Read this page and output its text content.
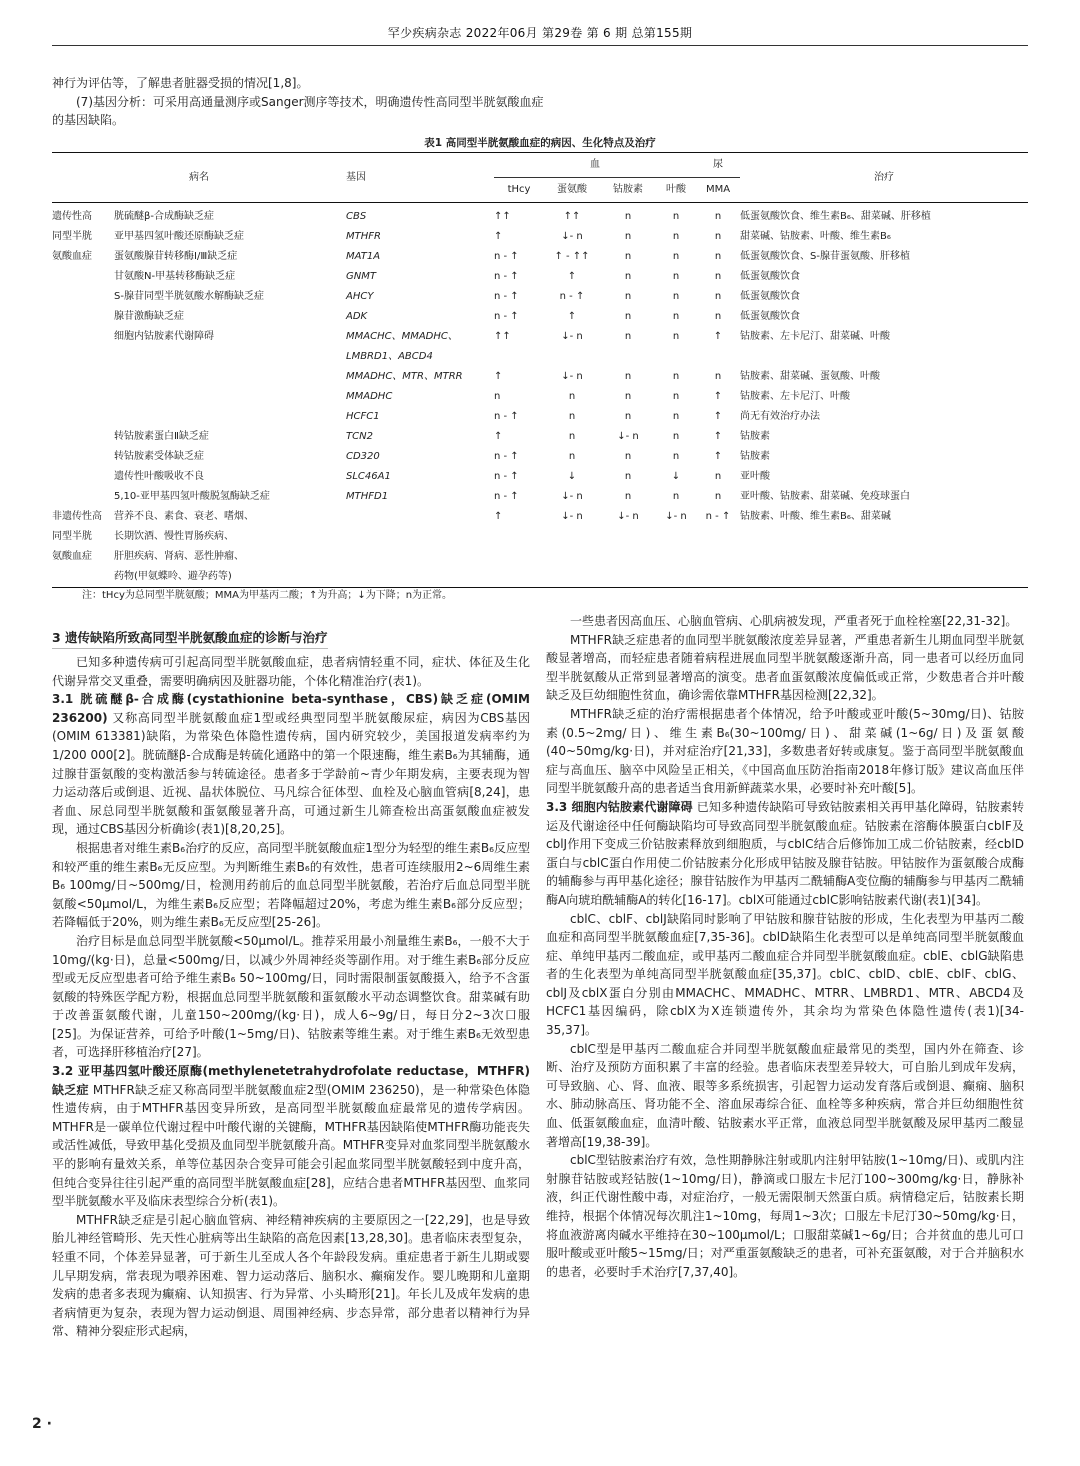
罕少疾病杂志 2022年06月 第29卷 第 6 期 总第155期

神行为评估等，了解患者脏器受损的情况[1,8]。

(7)基因分析：可采用高通量测序或Sanger测序等技术，明确遗传性高同型半胱氨酸血症的基因缺陷。

表1 高同型半胱氨酸血症的病因、生化特点及治疗
病名		基因	血				尿	治疗
			tHcy	蛋氨酸	钴胺素	叶酸	MMA	
遗传性高	胱硫醚β-合成酶缺乏症	CBS	↑↑	↑↑	n	n	n	低蛋氨酸饮食、维生素B₆、甜菜碱、肝移植
同型半胱	亚甲基四氢叶酸还原酶缺乏症	MTHFR	↑	↓- n	n	n	n	甜菜碱、钴胺素、叶酸、维生素B₆
氨酸血症	蛋氨酸腺苷转移酶Ⅰ/Ⅲ缺乏症	MAT1A	n - ↑	↑ - ↑↑	n	n	n	低蛋氨酸饮食、S-腺苷蛋氨酸、肝移植
	甘氨酸N-甲基转移酶缺乏症	GNMT	n - ↑	↑	n	n	n	低蛋氨酸饮食
	S-腺苷同型半胱氨酸水解酶缺乏症	AHCY	n - ↑	n - ↑	n	n	n	低蛋氨酸饮食
	腺苷激酶缺乏症	ADK	n - ↑	↑	n	n	n	低蛋氨酸饮食
	细胞内钴胺素代谢障碍	MMACHC、MMADHC、	↑↑	↓- n	n	n	↑	钴胺素、左卡尼汀、甜菜碱、叶酸
		LMBRD1、ABCD4						
		MMADHC、MTR、MTRR	↑	↓- n	n	n	n	钴胺素、甜菜碱、蛋氨酸、叶酸
		MMADHC	n	n	n	n	↑	钴胺素、左卡尼汀、叶酸
		HCFC1	n - ↑	n	n	n	↑	尚无有效治疗办法
	转钴胺素蛋白Ⅱ缺乏症	TCN2	↑	n	↓- n	n	↑	钴胺素
	转钴胺素受体缺乏症	CD320	n - ↑	n	n	n	↑	钴胺素
	遗传性叶酸吸收不良	SLC46A1	n - ↑	↓	n	↓	n	亚叶酸
	5,10-亚甲基四氢叶酸脱氢酶缺乏症	MTHFD1	n - ↑	↓- n	n	n	n	亚叶酸、钴胺素、甜菜碱、免疫球蛋白
非遗传性高	营养不良、素食、衰老、嗜烟、		↑	↓- n	↓- n	↓- n	n - ↑	钴胺素、叶酸、维生素B₆、甜菜碱
同型半胱	长期饮酒、慢性胃肠疾病、							
氨酸血症	肝胆疾病、肾病、恶性肿瘤、							
	药物(甲氨蝶呤、避孕药等)							
注：tHcy为总同型半胱氨酸；MMA为甲基丙二酸；↑为升高；↓为下降；n为正常。
3 遗传缺陷所致高同型半胱氨酸血症的诊断与治疗

已知多种遗传病可引起高同型半胱氨酸血症，患者病情轻重不同，症状、体征及生化代谢异常交叉重叠，需要明确病因及脏器功能，个体化精准治疗(表1)。

3.1 胱硫醚β-合成酶(cystathionine beta-synthase，CBS)缺乏症(OMIM 236200) 又称高同型半胱氨酸血症1型或经典型同型半胱氨酸尿症，病因为CBS基因(OMIM 613381)缺陷，为常染色体隐性遗传病，国内研究较少，美国报道发病率约为1/200 000[2]。胱硫醚β-合成酶是转硫化通路中的第一个限速酶，维生素B₆为其辅酶，通过腺苷蛋氨酸的变构激活参与转硫途径。患者多于学龄前~青少年期发病，主要表现为智力运动落后或倒退、近视、晶状体脱位、马凡综合征体型、血栓及心脑血管病[8,24]，患者血、尿总同型半胱氨酸和蛋氨酸显著升高，可通过新生儿筛查检出高蛋氨酸血症被发现，通过CBS基因分析确诊(表1)[8,20,25]。

根据患者对维生素B₆治疗的反应，高同型半胱氨酸血症1型分为轻型的维生素B₆反应型和较严重的维生素B₆无反应型。为判断维生素B₆的有效性，患者可连续服用2~6周维生素B₆ 100mg/日~500mg/日，检测用药前后的血总同型半胱氨酸，若治疗后血总同型半胱氨酸<50μmol/L，为维生素B₆反应型；若降幅超过20%，考虑为维生素B₆部分反应型；若降幅低于20%，则为维生素B₆无反应型[25-26]。

治疗目标是血总同型半胱氨酸<50μmol/L。推荐采用最小剂量维生素B₆，一般不大于10mg/(kg·日)，总量<500mg/日，以减少外周神经炎等副作用。对于维生素B₆部分反应型或无反应型患者可给予维生素B₆ 50~100mg/日，同时需限制蛋氨酸摄入，给予不含蛋氨酸的特殊医学配方粉，根据血总同型半胱氨酸和蛋氨酸水平动态调整饮食。甜菜碱有助于改善蛋氨酸代谢，儿童150~200mg/(kg·日)，成人6~9g/日，每日分2~3次口服[25]。为保证营养，可给予叶酸(1~5mg/日)、钴胺素等维生素。对于维生素B₆无效型患者，可选择肝移植治疗[27]。

3.2 亚甲基四氢叶酸还原酶(methylenetetrahydrofolate reductase，MTHFR)缺乏症 MTHFR缺乏症又称高同型半胱氨酸血症2型(OMIM 236250)，是一种常染色体隐性遗传病，由于MTHFR基因变异所致，是高同型半胱氨酸血症最常见的遗传学病因。MTHFR是一碳单位代谢过程中叶酸代谢的关键酶，MTHFR基因缺陷使MTHFR酶功能丧失或活性减低，导致甲基化受损及血同型半胱氨酸升高。MTHFR变异对血浆同型半胱氨酸水平的影响有量效关系，单等位基因杂合变异可能会引起血浆同型半胱氨酸轻到中度升高，但纯合变异往往引起严重的高同型半胱氨酸血症[28]，应结合患者MTHFR基因型、血浆同型半胱氨酸水平及临床表型综合分析(表1)。

MTHFR缺乏症是引起心脑血管病、神经精神疾病的主要原因之一[22,29]，也是导致胎儿神经管畸形、先天性心脏病等出生缺陷的高危因素[13,28,30]。患者临床表型复杂，轻重不同，个体差异显著，可于新生儿至成人各个年龄段发病。重症患者于新生儿期或婴儿早期发病，常表现为喂养困难、智力运动落后、脑积水、癫痫发作。婴儿晚期和儿童期发病的患者多表现为癫痫、认知损害、行为异常、小头畸形[21]。年长儿及成年发病的患者病情更为复杂，表现为智力运动倒退、周围神经病、步态异常，部分患者以精神行为异常、精神分裂症形式起病，

一些患者因高血压、心脑血管病、心肌病被发现，严重者死于血栓栓塞[22,31-32]。

MTHFR缺乏症患者的血同型半胱氨酸浓度差异显著，严重患者新生儿期血同型半胱氨酸显著增高，而轻症患者随着病程进展血同型半胱氨酸逐渐升高，同一患者可以经历血同型半胱氨酸从正常到显著增高的演变。患者血蛋氨酸浓度偏低或正常，少数患者合并叶酸缺乏及巨幼细胞性贫血，确诊需依靠MTHFR基因检测[22,32]。

MTHFR缺乏症的治疗需根据患者个体情况，给予叶酸或亚叶酸(5~30mg/日)、钴胺素(0.5~2mg/日)、维生素B₆(30~100mg/日)、甜菜碱(1~6g/日)及蛋氨酸(40~50mg/kg·日)，并对症治疗[21,33]，多数患者好转或康复。鉴于高同型半胱氨酸血症与高血压、脑卒中风险呈正相关，《中国高血压防治指南2018年修订版》建议高血压伴同型半胱氨酸升高的患者适当食用新鲜蔬菜水果，必要时补充叶酸[5]。

3.3 细胞内钴胺素代谢障碍 已知多种遗传缺陷可导致钴胺素相关再甲基化障碍，钴胺素转运及代谢途径中任何酶缺陷均可导致高同型半胱氨酸血症。钴胺素在溶酶体膜蛋白cblF及cblJ作用下变成三价钴胺素释放到细胞质，与cblC结合后修饰加工成二价钴胺素，经cblD蛋白与cblC蛋白作用使二价钴胺素分化形成甲钴胺及腺苷钴胺。甲钴胺作为蛋氨酸合成酶的辅酶参与再甲基化途径；腺苷钴胺作为甲基丙二酰辅酶A变位酶的辅酶参与甲基丙二酰辅酶A向琥珀酰辅酶A的转化[16-17]。cblX可能通过cblC影响钴胺素代谢(表1)[34]。

cblC、cblF、cblJ缺陷同时影响了甲钴胺和腺苷钴胺的形成，生化表型为甲基丙二酸血症和高同型半胱氨酸血症[7,35-36]。cblD缺陷生化表型可以是单纯高同型半胱氨酸血症、单纯甲基丙二酸血症，或甲基丙二酸血症合并同型半胱氨酸血症。cblE、cblG缺陷患者的生化表型为单纯高同型半胱氨酸血症[35,37]。cblC、cblD、cblE、cblF、cblG、cblJ及cblX蛋白分别由MMACHC、MMADHC、MTRR、LMBRD1、MTR、ABCD4及HCFC1基因编码，除cblX为X连锁遗传外，其余均为常染色体隐性遗传(表1)[34-35,37]。

cblC型是甲基丙二酸血症合并同型半胱氨酸血症最常见的类型，国内外在筛查、诊断、治疗及预防方面积累了丰富的经验。患者临床表型差异较大，可自胎儿到成年发病，可导致脑、心、肾、血液、眼等多系统损害，引起智力运动发育落后或倒退、癫痫、脑积水、肺动脉高压、肾功能不全、溶血尿毒综合征、血栓等多种疾病，常合并巨幼细胞性贫血、低蛋氨酸血症，血清叶酸、钴胺素水平正常，血液总同型半胱氨酸及尿甲基丙二酸显著增高[19,38-39]。

cblC型钴胺素治疗有效，急性期静脉注射或肌内注射甲钴胺(1~10mg/日)、或肌内注射腺苷钴胺或羟钴胺(1~10mg/日)，静滴或口服左卡尼汀100~300mg/kg·日，静脉补液，纠正代谢性酸中毒，对症治疗，一般无需限制天然蛋白质。病情稳定后，钴胺素长期维持，根据个体情况每次肌注1~10mg，每周1~3次；口服左卡尼汀30~50mg/kg·日，将血液游离肉碱水平维持在30~100μmol/L；口服甜菜碱1~6g/日；合并贫血的患儿可口服叶酸或亚叶酸5~15mg/日；对严重蛋氨酸缺乏的患者，可补充蛋氨酸，对于合并脑积水的患者，必要时手术治疗[7,37,40]。

2 ·
